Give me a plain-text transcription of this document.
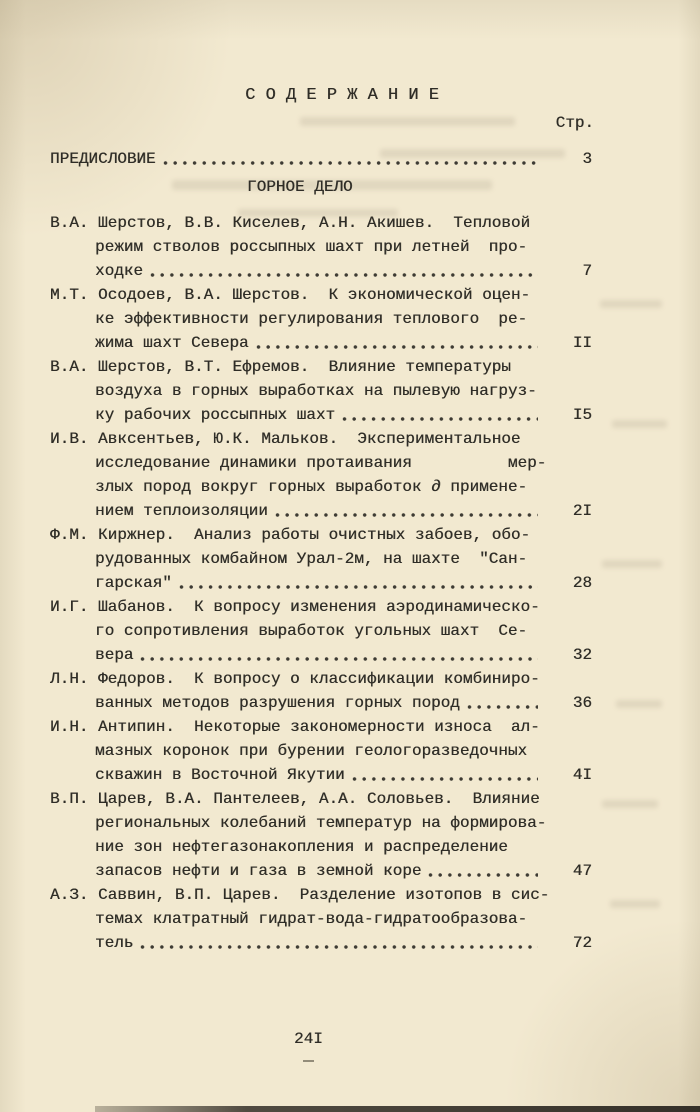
С О Д Е Р Ж А Н И Е
Стр.
ПРЕДИСЛОВИЕ	3
ГОРНОЕ ДЕЛО
В.А. Шерстов, В.В. Киселев, А.Н. Акишев.  Тепловой
режим стволов россыпных шахт при летней  про-
ходке	7
М.Т. Осодоев, В.А. Шерстов.  К экономической оцен-
ке эффективности регулирования теплового  ре-
жима шахт Севера	II
В.А. Шерстов, В.Т. Ефремов.  Влияние температуры
воздуха в горных выработках на пылевую нагруз-
ку рабочих россыпных шахт	I5
И.В. Авксентьев, Ю.К. Мальков.  Экспериментальное
исследование динамики протаивания          мер-
злых пород вокруг горных выработок ∂ примене-
нием теплоизоляции	2I
Ф.М. Киржнер.  Анализ работы очистных забоев, обо-
рудованных комбайном Урал-2м, на шахте  "Сан-
гарская"	28
И.Г. Шабанов.  К вопросу изменения аэродинамическо-
го сопротивления выработок угольных шахт  Се-
вера	32
Л.Н. Федоров.  К вопросу о классификации комбиниро-
ванных методов разрушения горных пород	36
И.Н. Антипин.  Некоторые закономерности износа  ал-
мазных коронок при бурении геологоразведочных
скважин в Восточной Якутии	4I
В.П. Царев, В.А. Пантелеев, А.А. Соловьев.  Влияние
региональных колебаний температур на формирова-
ние зон нефтегазонакопления и распределение
запасов нефти и газа в земной коре	47
А.З. Саввин, В.П. Царев.  Разделение изотопов в сис-
темах клатратный гидрат-вода-гидратообразова-
тель	72
24I
